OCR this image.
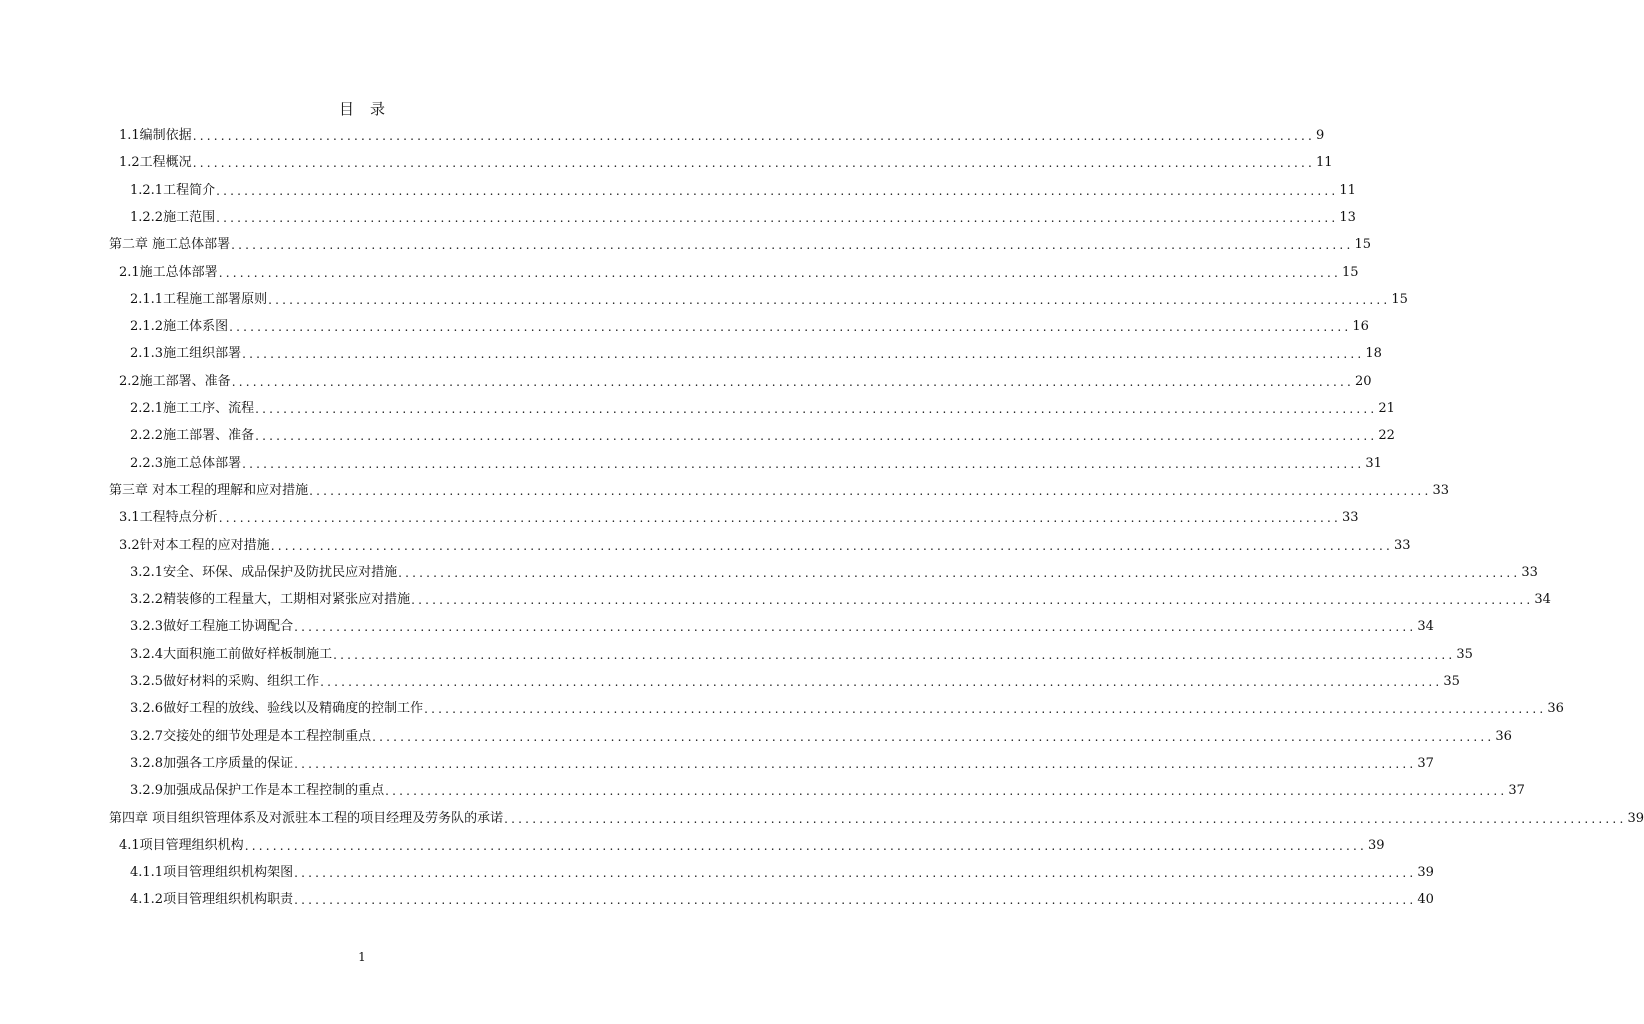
目 录
1.1编制依据 ................................................................................................................................................................ 9
1.2工程概况 ................................................................................................................................................................ 11
1.2.1工程简介 ................................................................................................................................................................ 11
1.2.2施工范围 ................................................................................................................................................................ 13
第二章 施工总体部署 ................................................................................................................................................................ 15
2.1施工总体部署 ................................................................................................................................................................ 15
2.1.1工程施工部署原则 ................................................................................................................................................................ 15
2.1.2施工体系图 ................................................................................................................................................................ 16
2.1.3施工组织部署 ................................................................................................................................................................ 18
2.2施工部署、准备 ................................................................................................................................................................ 20
2.2.1施工工序、流程 ................................................................................................................................................................ 21
2.2.2施工部署、准备 ................................................................................................................................................................ 22
2.2.3施工总体部署 ................................................................................................................................................................ 31
第三章 对本工程的理解和应对措施 ................................................................................................................................................................ 33
3.1工程特点分析 ................................................................................................................................................................ 33
3.2针对本工程的应对措施 ................................................................................................................................................................ 33
3.2.1安全、环保、成品保护及防扰民应对措施 ................................................................................................................................................................ 33
3.2.2精装修的工程量大，工期相对紧张应对措施 ................................................................................................................................................................ 34
3.2.3做好工程施工协调配合 ................................................................................................................................................................ 34
3.2.4大面积施工前做好样板制施工 ................................................................................................................................................................ 35
3.2.5做好材料的采购、组织工作 ................................................................................................................................................................ 35
3.2.6做好工程的放线、验线以及精确度的控制工作 ................................................................................................................................................................ 36
3.2.7交接处的细节处理是本工程控制重点 ................................................................................................................................................................ 36
3.2.8加强各工序质量的保证 ................................................................................................................................................................ 37
3.2.9加强成品保护工作是本工程控制的重点 ................................................................................................................................................................ 37
第四章 项目组织管理体系及对派驻本工程的项目经理及劳务队的承诺 ................................................................................................................................................................ 39
4.1项目管理组织机构 ................................................................................................................................................................ 39
4.1.1项目管理组织机构架图 ................................................................................................................................................................ 39
4.1.2项目管理组织机构职责 ................................................................................................................................................................ 40
1
